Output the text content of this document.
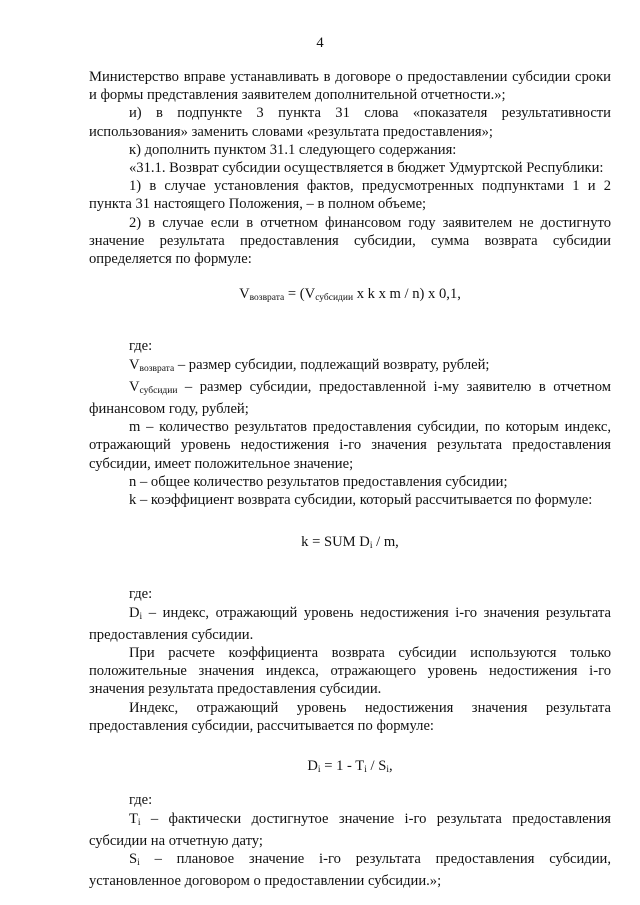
4

Министерство вправе устанавливать в договоре о предоставлении субсидии сроки и формы представления заявителем дополнительной отчетности.»;

и) в подпункте 3 пункта 31 слова «показателя результативности использования» заменить словами «результата предоставления»;

к) дополнить пунктом 31.1 следующего содержания:

«31.1. Возврат субсидии осуществляется в бюджет Удмуртской Республики:

1) в случае установления фактов, предусмотренных подпунктами 1 и 2 пункта 31 настоящего Положения, – в полном объеме;

2) в случае если в отчетном финансовом году заявителем не достигнуто значение результата предоставления субсидии, сумма возврата субсидии определяется по формуле:

$V_{возврата} = (V_{субсидии}$ x k x m / n) x 0,1,

где:

$V_{возврата}$ – размер субсидии, подлежащий возврату, рублей;

$V_{субсидии}$ – размер субсидии, предоставленной i-му заявителю в отчетном финансовом году, рублей;

m – количество результатов предоставления субсидии, по которым индекс, отражающий уровень недостижения i-го значения результата предоставления субсидии, имеет положительное значение;

n – общее количество результатов предоставления субсидии;

k – коэффициент возврата субсидии, который рассчитывается по формуле:

k = SUM $D_i$ / m,

где:

$D_i$ – индекс, отражающий уровень недостижения i-го значения результата предоставления субсидии.

При расчете коэффициента возврата субсидии используются только положительные значения индекса, отражающего уровень недостижения i-го значения результата предоставления субсидии.

Индекс, отражающий уровень недостижения значения результата предоставления субсидии, рассчитывается по формуле:

$D_i = 1 - T_i / S_i$,

где:

$T_i$ – фактически достигнутое значение i-го результата предоставления субсидии на отчетную дату;

$S_i$ – плановое значение i-го результата предоставления субсидии, установленное договором о предоставлении субсидии.»;
